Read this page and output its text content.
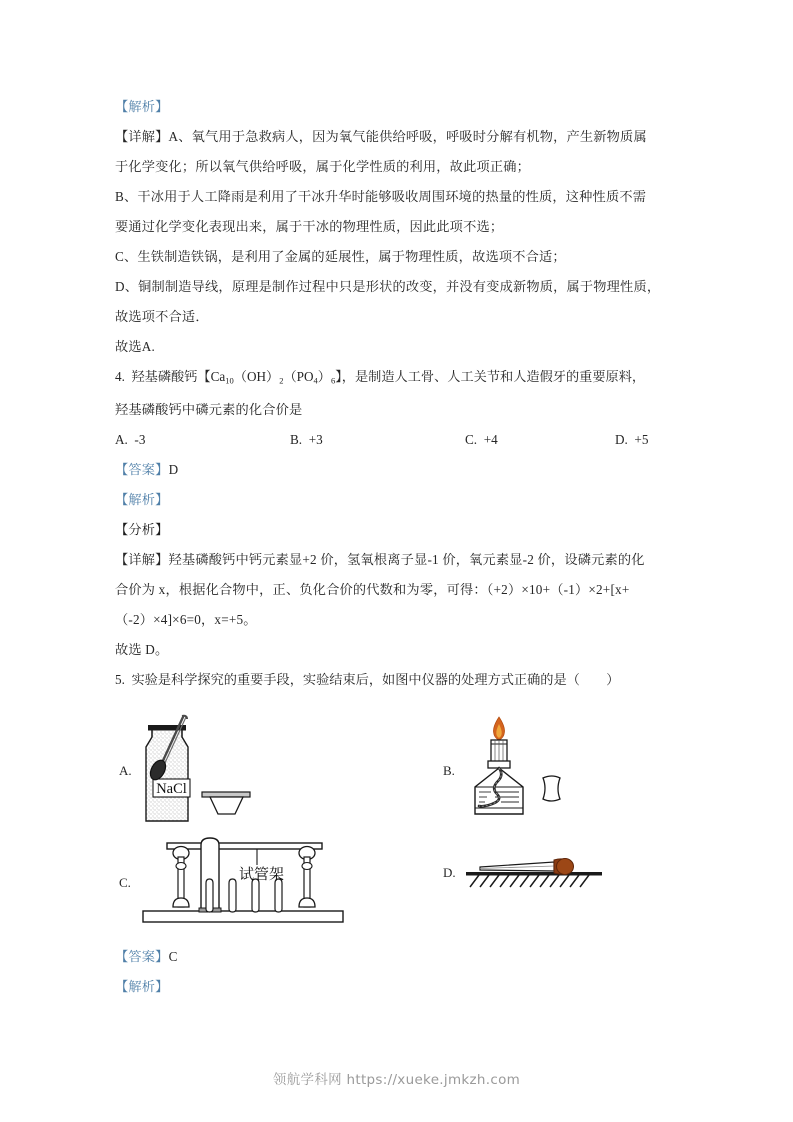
【解析】
【详解】A、氧气用于急救病人，因为氧气能供给呼吸，呼吸时分解有机物，产生新物质属
于化学变化；所以氧气供给呼吸，属于化学性质的利用，故此项正确；
B、干冰用于人工降雨是利用了干冰升华时能够吸收周围环境的热量的性质，这种性质不需
要通过化学变化表现出来，属于干冰的物理性质，因此此项不选；
C、生铁制造铁锅，是利用了金属的延展性，属于物理性质，故选项不合适；
D、铜制制造导线，原理是制作过程中只是形状的改变，并没有变成新物质，属于物理性质，
故选项不合适．
故选A.
4. 羟基磷酸钙【$Ca_{10}(OH)_2(PO_4)_6$】，是制造人工骨、人工关节和人造假牙的重要原料，
羟基磷酸钙中磷元素的化合价是
A. -3	B. +3	C. +4	D. +5
【答案】D
【解析】
【分析】
【详解】羟基磷酸钙中钙元素显+2 价，氢氧根离子显-1 价，氧元素显-2 价，设磷元素的化
合价为 x，根据化合物中，正、负化合价的代数和为零，可得：（+2）×10+（-1）×2+[x+
（-2）×4]×6=0，x=+5。
故选 D。
5. 实验是科学探究的重要手段，实验结束后，如图中仪器的处理方式正确的是（　　）
A.
NaCl
B.
C.	试管架	D.
【答案】C
【解析】
领航学科网 https://xueke.jmkzh.com
